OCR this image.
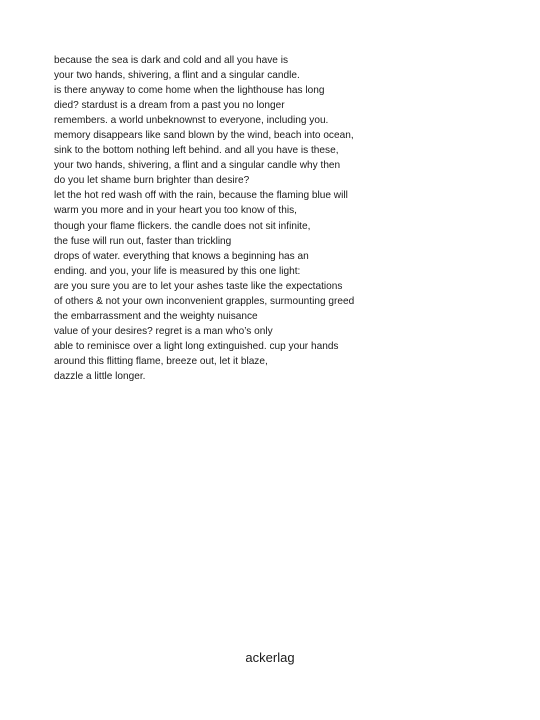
because the sea is dark and cold and all you have is
your two hands, shivering, a flint and a singular candle.
is there anyway to come home when the lighthouse has long
died? stardust is a dream from a past you no longer
remembers. a world unbeknownst to everyone, including you.
memory disappears like sand blown by the wind, beach into ocean,
sink to the bottom nothing left behind. and all you have is these,
your two hands, shivering, a flint and a singular candle why then
do you let shame burn brighter than desire?
let the hot red wash off with the rain, because the flaming blue will
warm you more and in your heart you too know of this,
though your flame flickers. the candle does not sit infinite,
the fuse will run out, faster than trickling
drops of water. everything that knows a beginning has an
ending. and you, your life is measured by this one light:
are you sure you are to let your ashes taste like the expectations
of others & not your own inconvenient grapples, surmounting greed
the embarrassment and the weighty nuisance
value of your desires? regret is a man who’s only
able to reminisce over a light long extinguished. cup your hands
around this flitting flame, breeze out, let it blaze,
dazzle a little longer.
ackerlag
